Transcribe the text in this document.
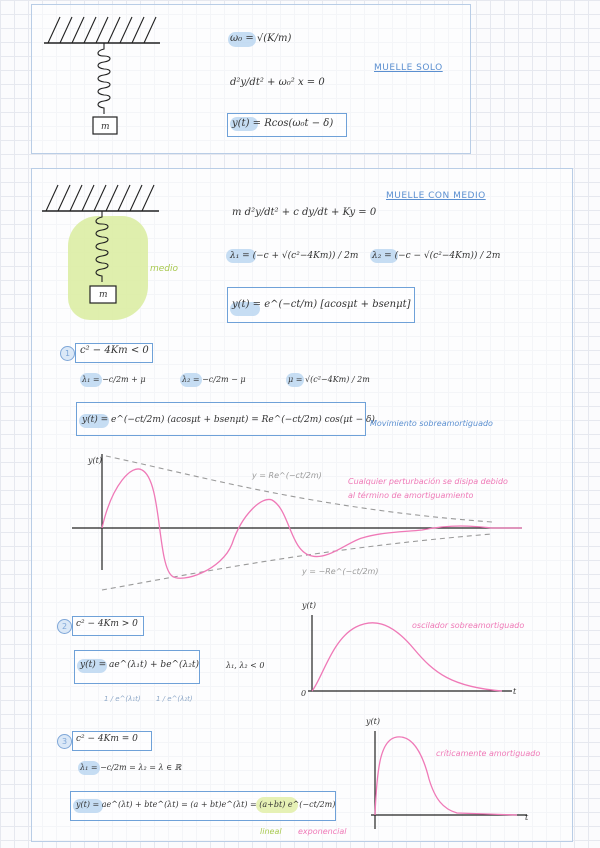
m
ω₀ = √(K/m)
d²y/dt² + ω₀² x = 0
MUELLE SOLO
y(t) = Rcos(ω₀t − δ)
m
medio
MUELLE CON MEDIO
m d²y/dt² + c dy/dt + Ky = 0
λ₁ = (−c + √(c²−4Km)) / 2m λ₂ = (−c − √(c²−4Km)) / 2m
y(t) = e^(−ct/m) [acosμt + bsenμt]
1 c² − 4Km < 0
λ₁ = −c/2m + μ	λ₂ = −c/2m − μ	μ = √(c²−4Km) / 2m
y(t) = e^(−ct/2m) (acosμt + bsenμt) = Re^(−ct/2m) cos(μt − δ)
Movimiento sobreamortiguado
y(t)
y = Re^(−ct/2m)
y = −Re^(−ct/2m)
Cualquier perturbación se disipa debido
al término de amortiguamiento
2 c² − 4Km > 0
y(t) = ae^(λ₁t) + be^(λ₂t)	λ₁, λ₂ < 0
1 / e^(λ₁t) 1 / e^(λ₂t)
y(t)
0	t
oscilador sobreamortiguado
3 c² − 4Km = 0
λ₁ = −c/2m = λ₂ = λ ∈ ℝ
y(t) = ae^(λt) + bte^(λt) = (a + bt)e^(λt) = (a+bt) e^(−ct/2m)
lineal exponencial
y(t)
t
críticamente amortiguado
